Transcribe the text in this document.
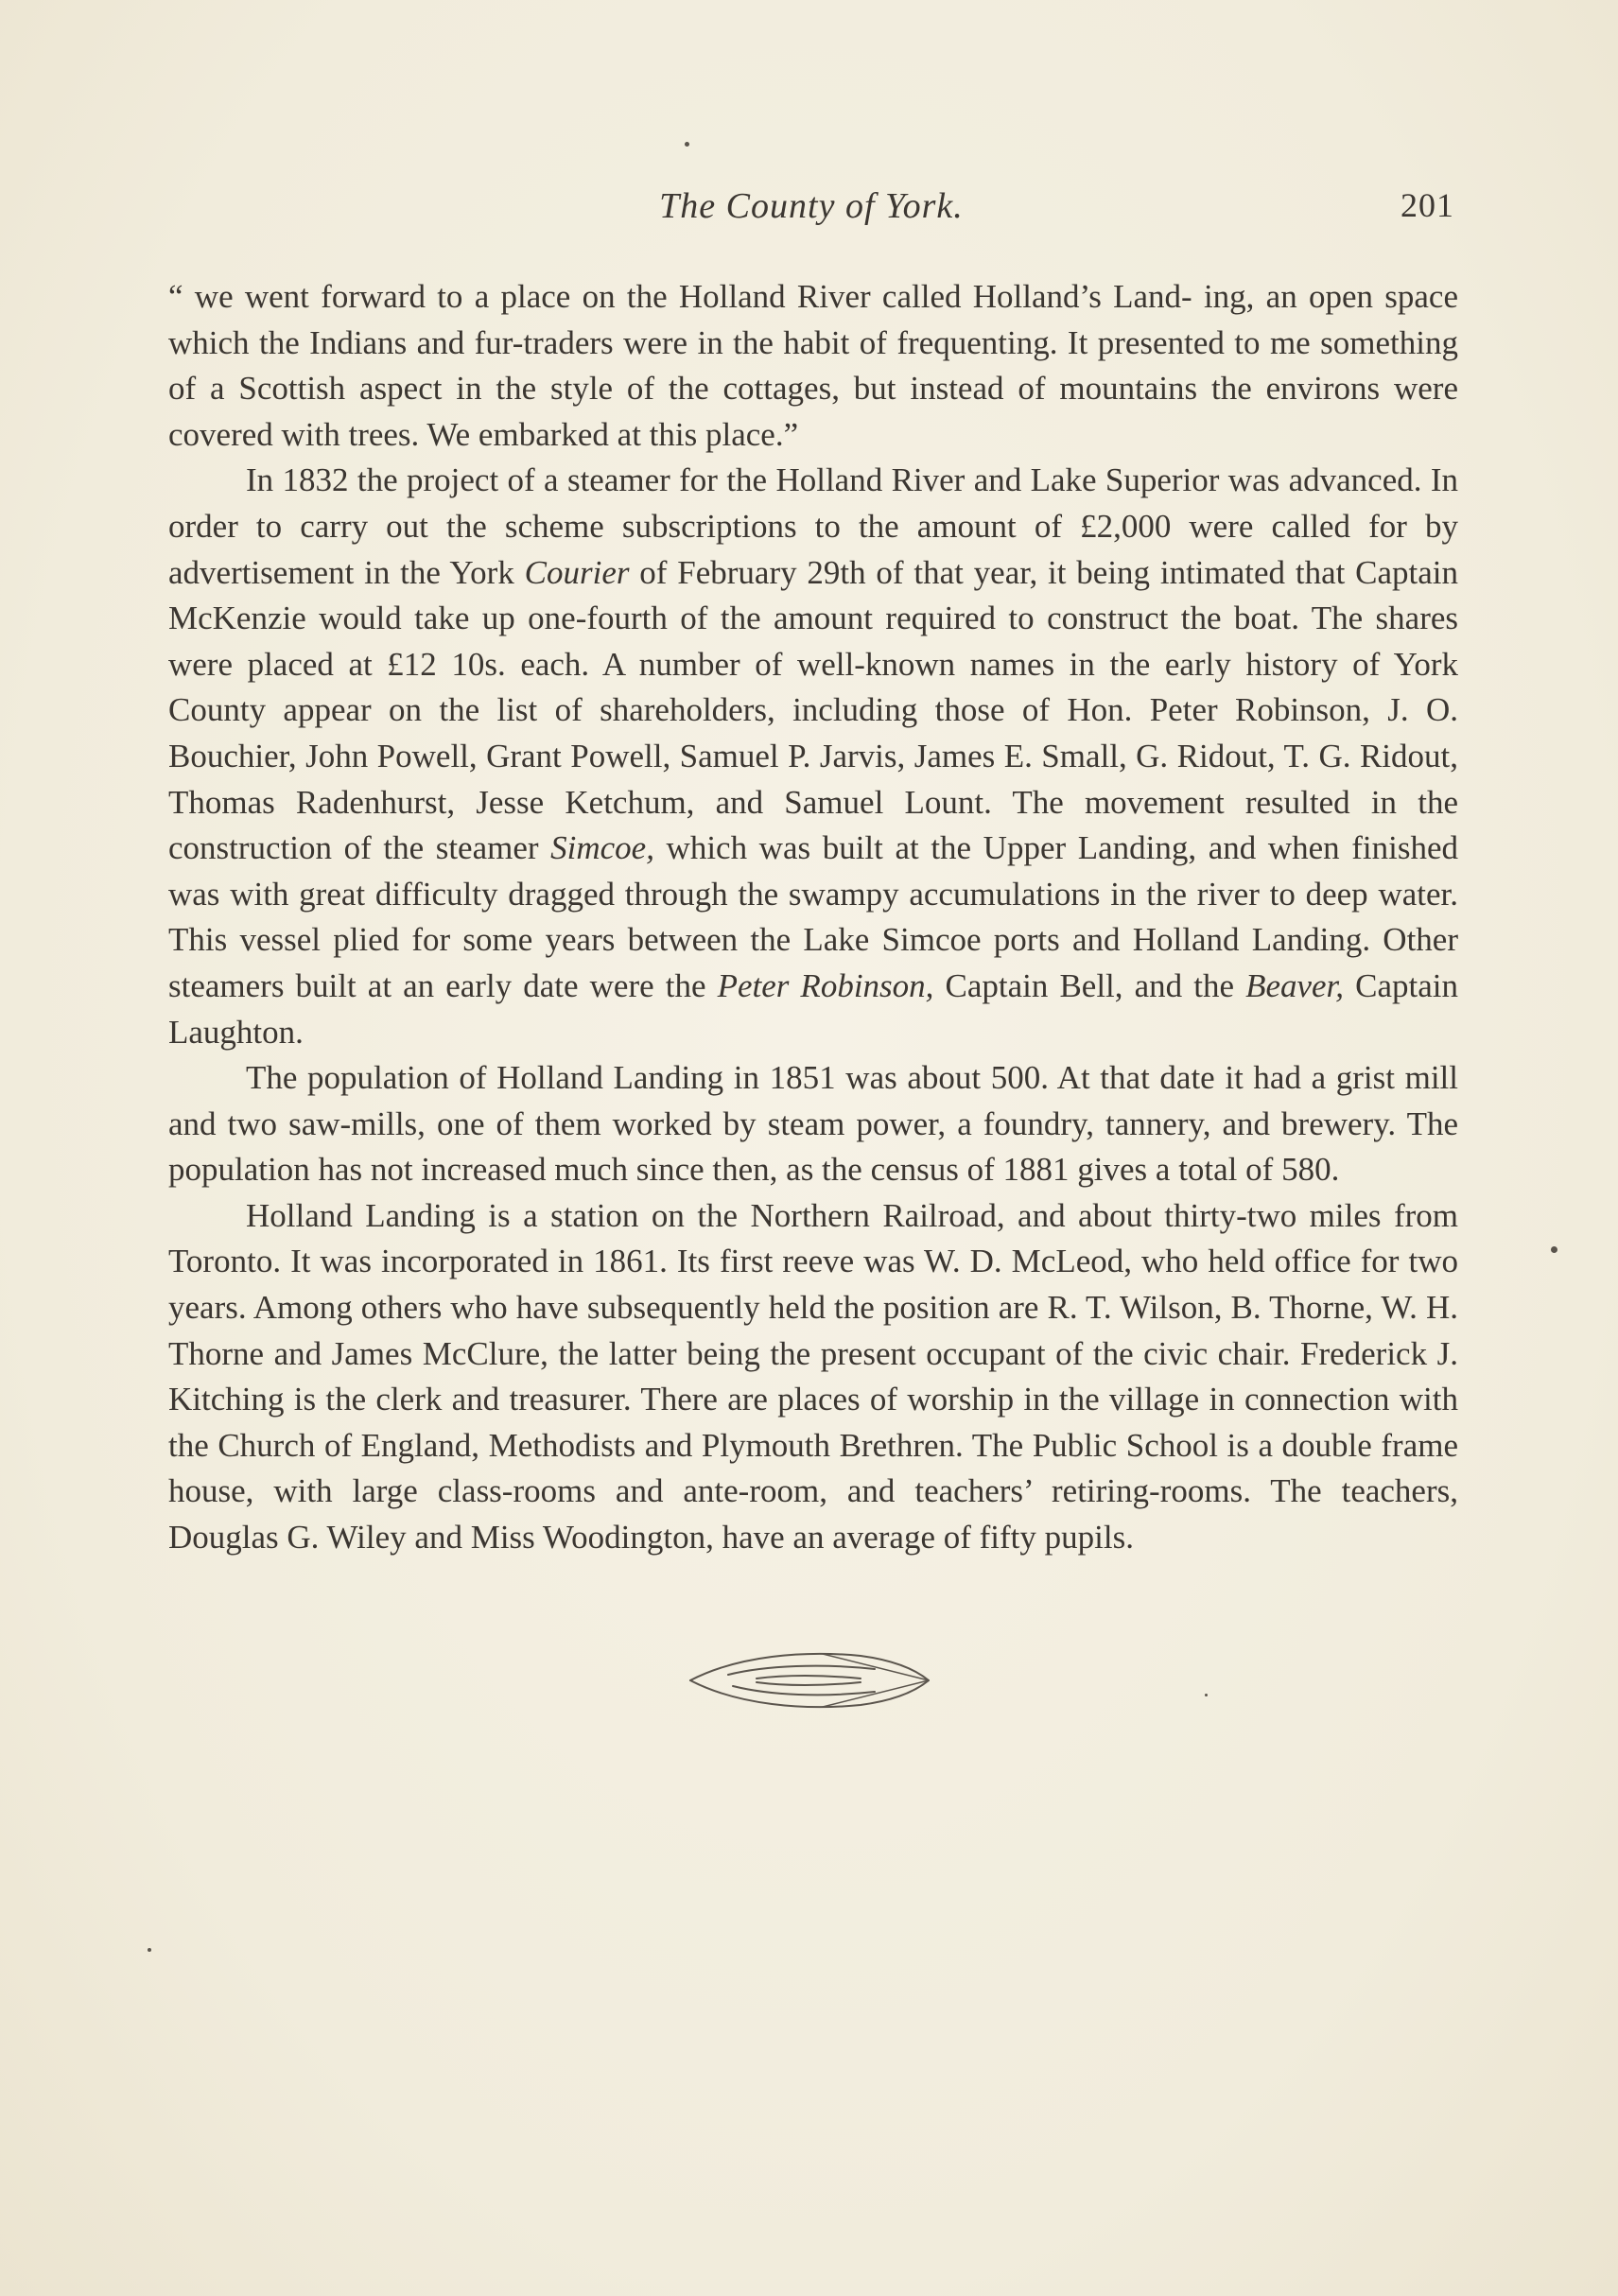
The County of York.	201

“ we went forward to a place on the Holland River called Holland’s Land- ing, an open space which the Indians and fur-traders were in the habit of frequenting. It presented to me something of a Scottish aspect in the style of the cottages, but instead of mountains the environs were covered with trees. We embarked at this place.”

In 1832 the project of a steamer for the Holland River and Lake Superior was advanced. In order to carry out the scheme subscriptions to the amount of £2,000 were called for by advertisement in the York Courier of February 29th of that year, it being intimated that Captain McKenzie would take up one-fourth of the amount required to construct the boat. The shares were placed at £12 10s. each. A number of well-known names in the early history of York County appear on the list of shareholders, including those of Hon. Peter Robinson, J. O. Bouchier, John Powell, Grant Powell, Samuel P. Jarvis, James E. Small, G. Ridout, T. G. Ridout, Thomas Radenhurst, Jesse Ketchum, and Samuel Lount. The movement resulted in the construction of the steamer Simcoe, which was built at the Upper Landing, and when finished was with great difficulty dragged through the swampy accumulations in the river to deep water. This vessel plied for some years between the Lake Simcoe ports and Holland Landing. Other steamers built at an early date were the Peter Robinson, Captain Bell, and the Beaver, Captain Laughton.

The population of Holland Landing in 1851 was about 500. At that date it had a grist mill and two saw-mills, one of them worked by steam power, a foundry, tannery, and brewery. The population has not increased much since then, as the census of 1881 gives a total of 580.

Holland Landing is a station on the Northern Railroad, and about thirty-two miles from Toronto. It was incorporated in 1861. Its first reeve was W. D. McLeod, who held office for two years. Among others who have subsequently held the position are R. T. Wilson, B. Thorne, W. H. Thorne and James McClure, the latter being the present occupant of the civic chair. Frederick J. Kitching is the clerk and treasurer. There are places of worship in the village in connection with the Church of England, Methodists and Plymouth Brethren. The Public School is a double frame house, with large class-rooms and ante-room, and teachers’ retiring-rooms. The teachers, Douglas G. Wiley and Miss Woodington, have an average of fifty pupils.
